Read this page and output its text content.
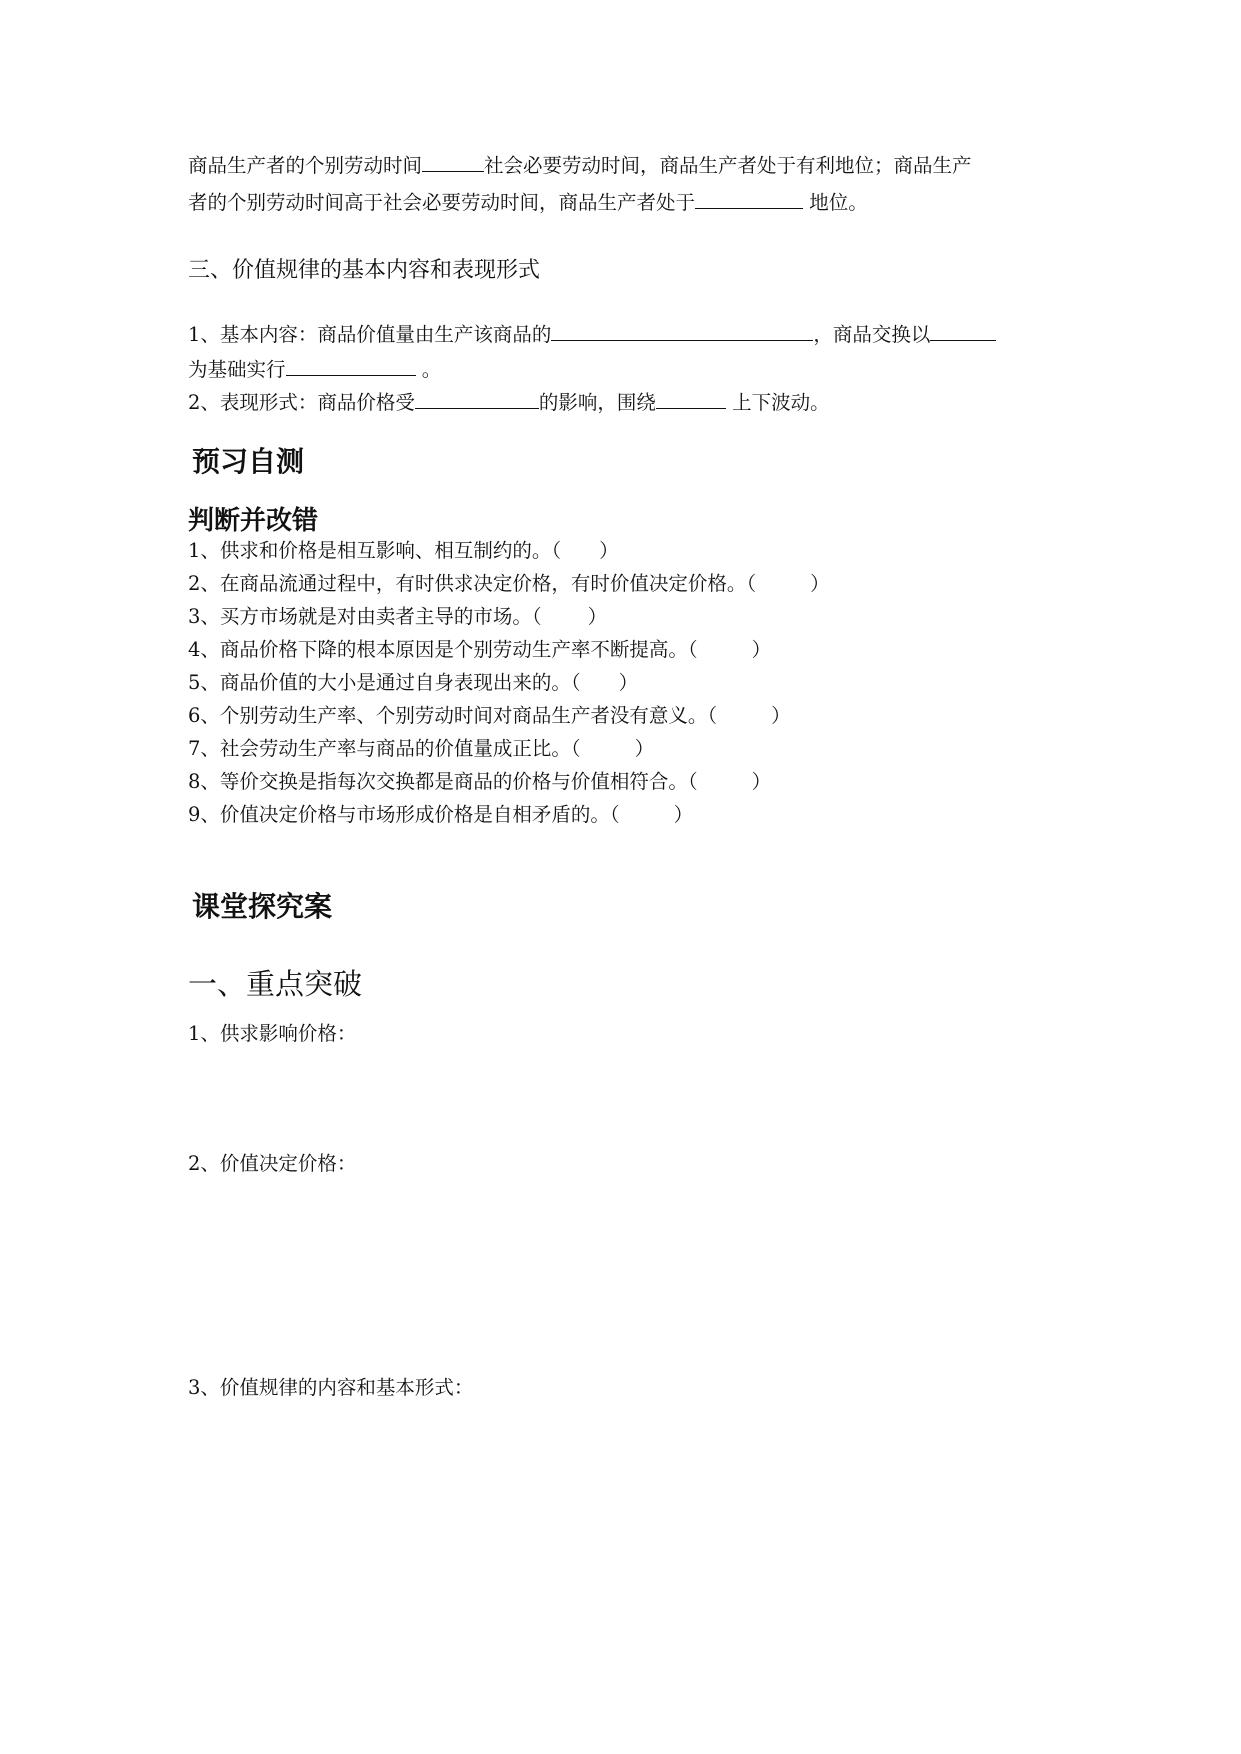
商品生产者的个别劳动时间	社会必要劳动时间，商品生产者处于有利地位；商品生产
者的个别劳动时间高于社会必要劳动时间，商品生产者处于	地位。
三、价值规律的基本内容和表现形式
1、基本内容：商品价值量由生产该商品的	，商品交换以
为基础实行	。
2、表现形式：商品价格受	的影响，围绕	上下波动。
预习自测
判断并改错
1、供求和价格是相互影响、相互制约的。（ ）
2、在商品流通过程中，有时供求决定价格，有时价值决定价格。（	）
3、买方市场就是对由卖者主导的市场。（ ）
4、商品价格下降的根本原因是个别劳动生产率不断提高。（	）
5、商品价值的大小是通过自身表现出来的。（ ）
6、个别劳动生产率、个别劳动时间对商品生产者没有意义。（	）
7、社会劳动生产率与商品的价值量成正比。（	）
8、等价交换是指每次交换都是商品的价格与价值相符合。（	）
9、价值决定价格与市场形成价格是自相矛盾的。（	）
课堂探究案
一、重点突破
1、供求影响价格：
2、价值决定价格：
3、价值规律的内容和基本形式：
